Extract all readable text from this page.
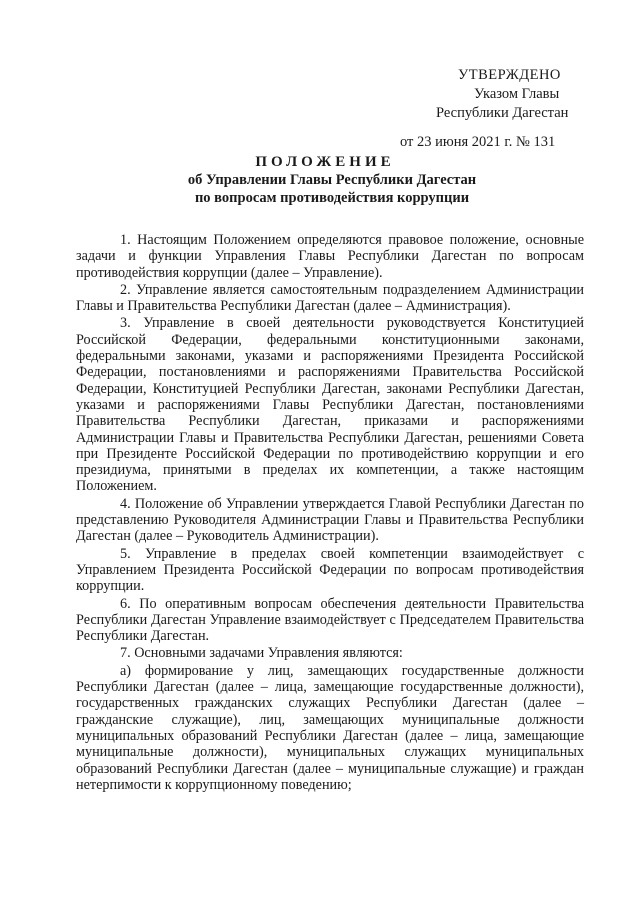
УТВЕРЖДЕНО
Указом Главы
Республики Дагестан
от 23 июня 2021 г. № 131
ПОЛОЖЕНИЕ
об Управлении Главы Республики Дагестан
по вопросам противодействия коррупции

1. Настоящим Положением определяются правовое положение, основные задачи и функции Управления Главы Республики Дагестан по вопросам противодействия коррупции (далее – Управление).

2. Управление является самостоятельным подразделением Администрации Главы и Правительства Республики Дагестан (далее – Администрация).

3. Управление в своей деятельности руководствуется Конституцией Российской Федерации, федеральными конституционными законами, федеральными законами, указами и распоряжениями Президента Российской Федерации, постановлениями и распоряжениями Правительства Российской Федерации, Конституцией Республики Дагестан, законами Республики Дагестан, указами и распоряжениями Главы Республики Дагестан, постановлениями Правительства Республики Дагестан, приказами и распоряжениями Администрации Главы и Правительства Республики Дагестан, решениями Совета при Президенте Российской Федерации по противодействию коррупции и его президиума, принятыми в пределах их компетенции, а также настоящим Положением.

4. Положение об Управлении утверждается Главой Республики Дагестан по представлению Руководителя Администрации Главы и Правительства Республики Дагестан (далее – Руководитель Администрации).

5. Управление в пределах своей компетенции взаимодействует с Управлением Президента Российской Федерации по вопросам противодействия коррупции.

6. По оперативным вопросам обеспечения деятельности Правительства Республики Дагестан Управление взаимодействует с Председателем Правительства Республики Дагестан.

7. Основными задачами Управления являются:

а) формирование у лиц, замещающих государственные должности Республики Дагестан (далее – лица, замещающие государственные должности), государственных гражданских служащих Республики Дагестан (далее – гражданские служащие), лиц, замещающих муниципальные должности муниципальных образований Республики Дагестан (далее – лица, замещающие муниципальные должности), муниципальных служащих муниципальных образований Республики Дагестан (далее – муниципальные служащие) и граждан нетерпимости к коррупционному поведению;
